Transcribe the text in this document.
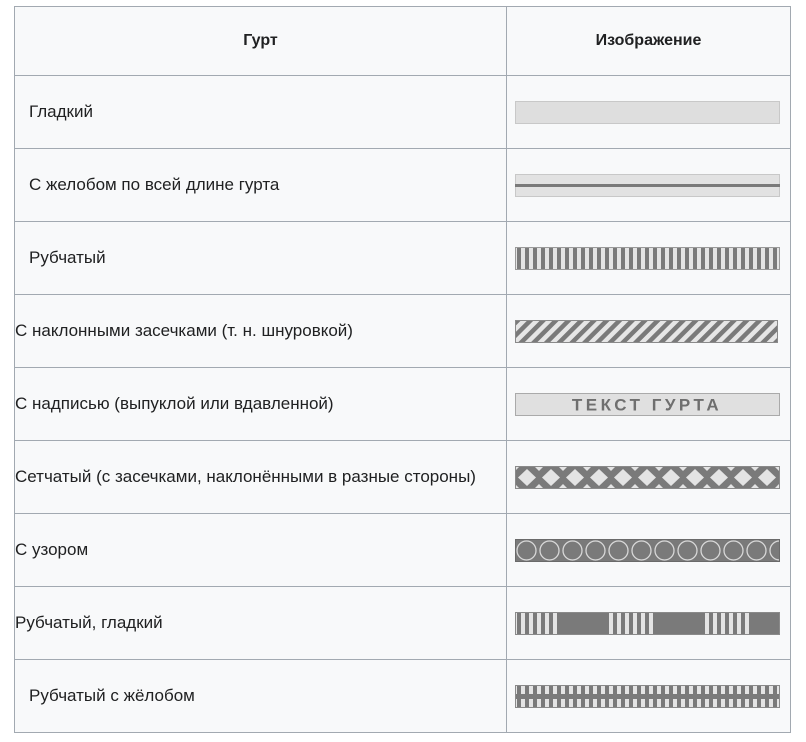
Гурт	Изображение
Гладкий	

С желобом по всей длине гурта	

Рубчатый	

С наклонными засечками (т. н. шнуровкой)	

С надписью (выпуклой или вдавленной)	ТЕКСТ ГУРТА

Сетчатый (с засечками, наклонёнными в разные стороны)	

С узором	

Рубчатый, гладкий	

Рубчатый с жёлобом	
